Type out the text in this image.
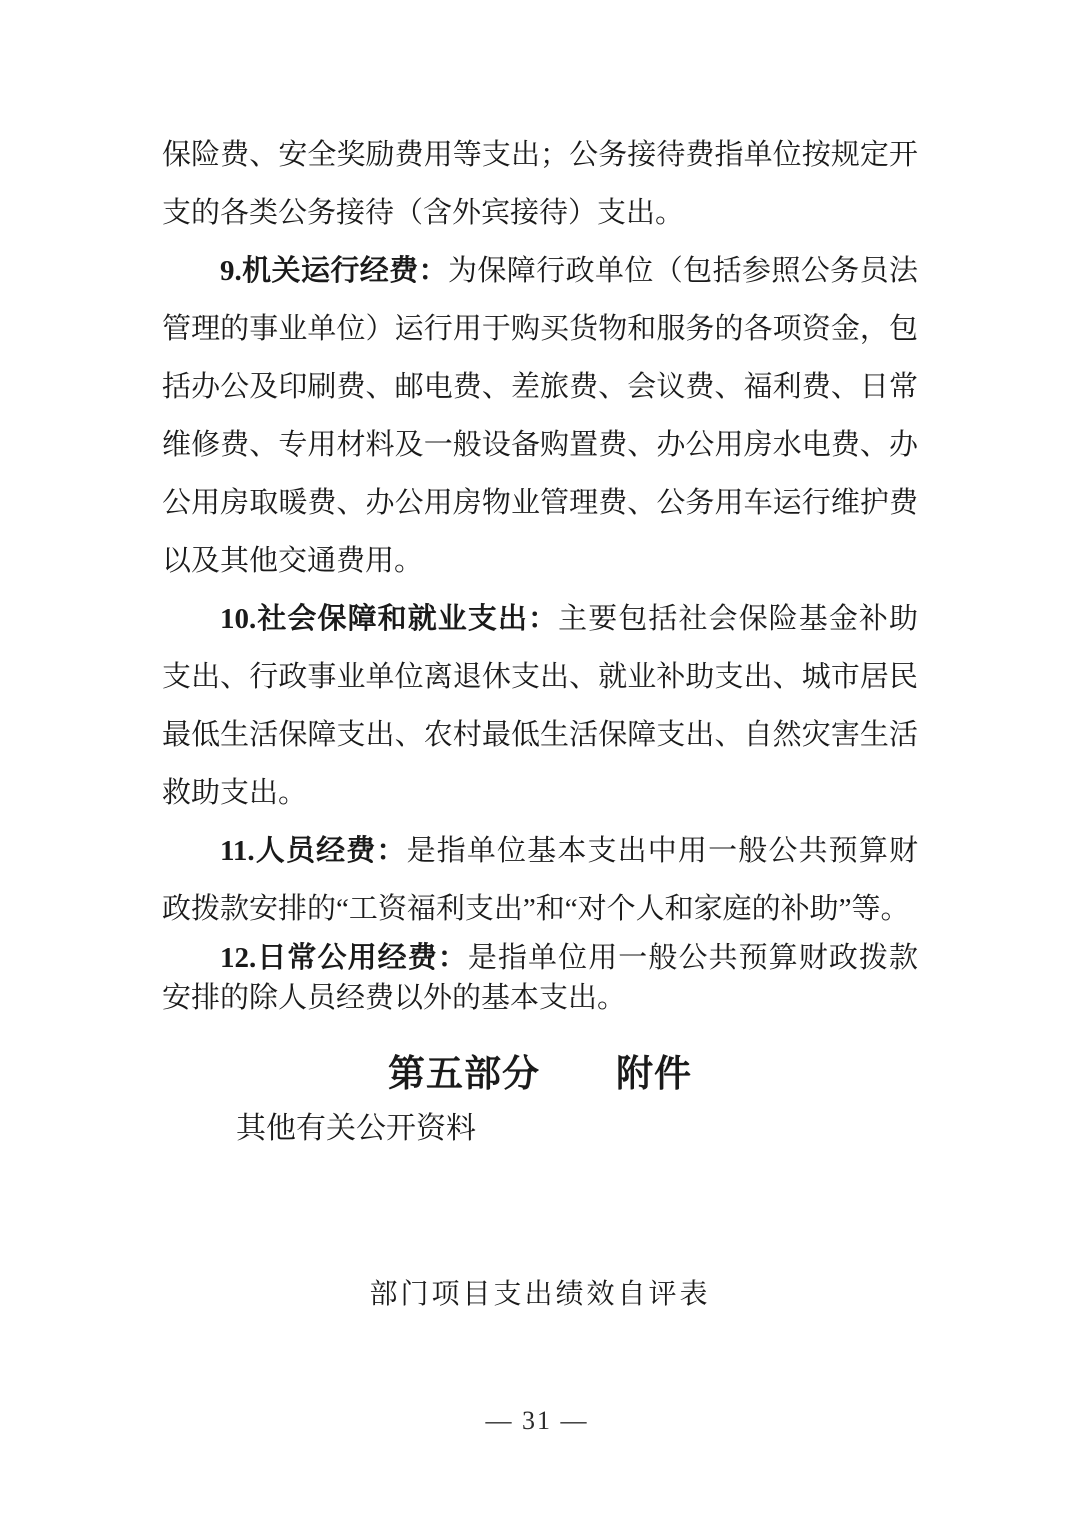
保险费、安全奖励费用等支出；公务接待费指单位按规定开支的各类公务接待（含外宾接待）支出。

9.机关运行经费：为保障行政单位（包括参照公务员法管理的事业单位）运行用于购买货物和服务的各项资金，包括办公及印刷费、邮电费、差旅费、会议费、福利费、日常维修费、专用材料及一般设备购置费、办公用房水电费、办公用房取暖费、办公用房物业管理费、公务用车运行维护费以及其他交通费用。

10.社会保障和就业支出：主要包括社会保险基金补助支出、行政事业单位离退休支出、就业补助支出、城市居民最低生活保障支出、农村最低生活保障支出、自然灾害生活救助支出。

11.人员经费：是指单位基本支出中用一般公共预算财政拨款安排的“工资福利支出”和“对个人和家庭的补助”等。

12.日常公用经费：是指单位用一般公共预算财政拨款安排的除人员经费以外的基本支出。

第五部分　　附件
其他有关公开资料
部门项目支出绩效自评表
— 31 —
